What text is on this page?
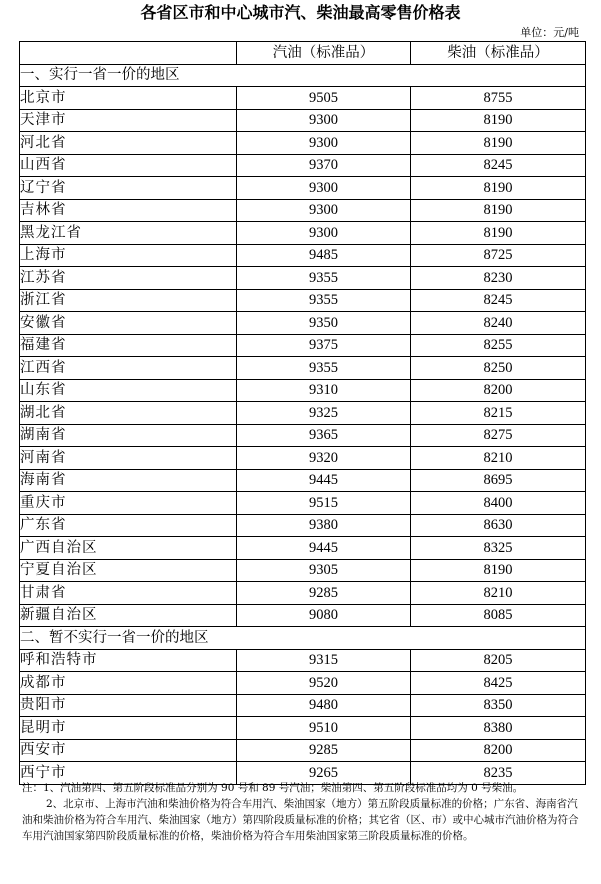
各省区市和中心城市汽、柴油最高零售价格表
单位：元/吨
	汽油（标准品）	柴油（标准品）
一、实行一省一价的地区		
北京市	9505	8755
天津市	9300	8190
河北省	9300	8190
山西省	9370	8245
辽宁省	9300	8190
吉林省	9300	8190
黑龙江省	9300	8190
上海市	9485	8725
江苏省	9355	8230
浙江省	9355	8245
安徽省	9350	8240
福建省	9375	8255
江西省	9355	8250
山东省	9310	8200
湖北省	9325	8215
湖南省	9365	8275
河南省	9320	8210
海南省	9445	8695
重庆市	9515	8400
广东省	9380	8630
广西自治区	9445	8325
宁夏自治区	9305	8190
甘肃省	9285	8210
新疆自治区	9080	8085
二、暂不实行一省一价的地区		
呼和浩特市	9315	8205
成都市	9520	8425
贵阳市	9480	8350
昆明市	9510	8380
西安市	9285	8200
西宁市	9265	8235

注：1、汽油第四、第五阶段标准品分别为 90 号和 89 号汽油；柴油第四、第五阶段标准品均为 0 号柴油。

2、北京市、上海市汽油和柴油价格为符合车用汽、柴油国家（地方）第五阶段质量标准的价格；广东省、海南省汽油和柴油价格为符合车用汽、柴油国家（地方）第四阶段质量标准的价格；其它省（区、市）或中心城市汽油价格为符合车用汽油国家第四阶段质量标准的价格，柴油价格为符合车用柴油国家第三阶段质量标准的价格。
